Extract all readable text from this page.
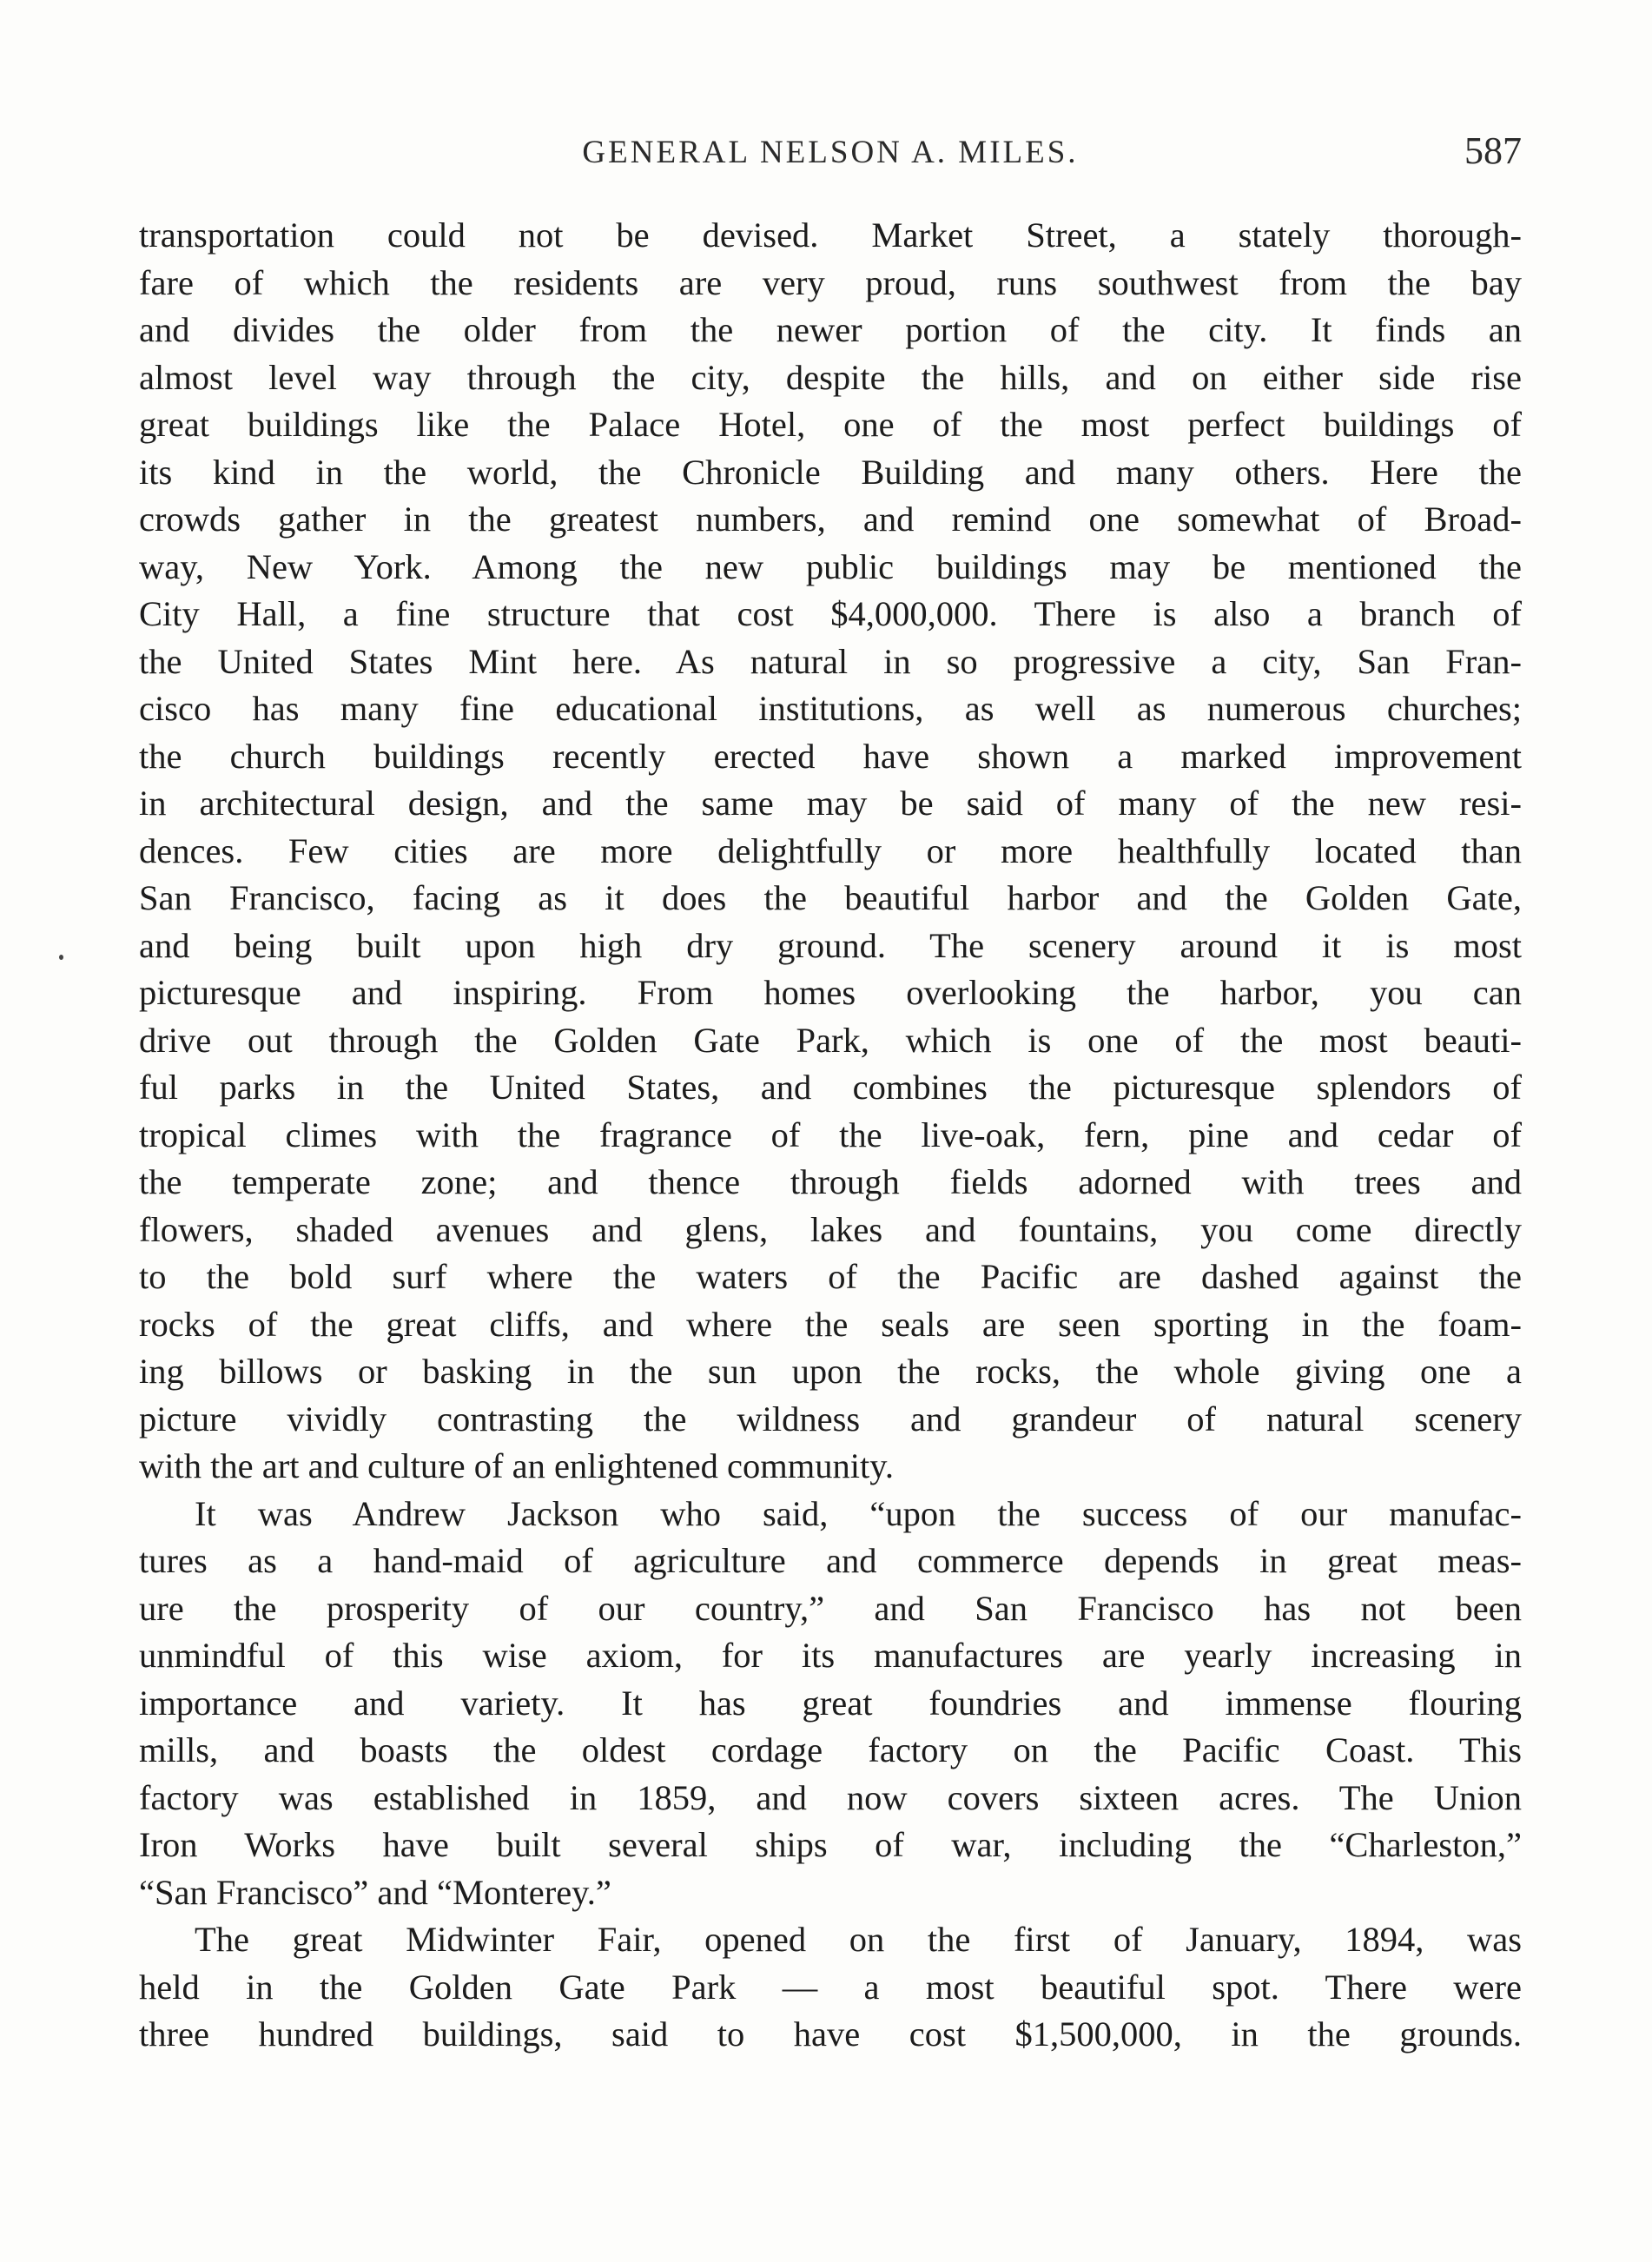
GENERAL NELSON A. MILES.	587
transportation could not be devised. Market Street, a stately thorough-
fare of which the residents are very proud, runs southwest from the bay
and divides the older from the newer portion of the city. It finds an
almost level way through the city, despite the hills, and on either side rise
great buildings like the Palace Hotel, one of the most perfect buildings of
its kind in the world, the Chronicle Building and many others. Here the
crowds gather in the greatest numbers, and remind one somewhat of Broad-
way, New York. Among the new public buildings may be mentioned the
City Hall, a fine structure that cost $4,000,000. There is also a branch of
the United States Mint here. As natural in so progressive a city, San Fran-
cisco has many fine educational institutions, as well as numerous churches;
the church buildings recently erected have shown a marked improvement
in architectural design, and the same may be said of many of the new resi-
dences. Few cities are more delightfully or more healthfully located than
San Francisco, facing as it does the beautiful harbor and the Golden Gate,
and being built upon high dry ground. The scenery around it is most
picturesque and inspiring. From homes overlooking the harbor, you can
drive out through the Golden Gate Park, which is one of the most beauti-
ful parks in the United States, and combines the picturesque splendors of
tropical climes with the fragrance of the live-oak, fern, pine and cedar of
the temperate zone; and thence through fields adorned with trees and
flowers, shaded avenues and glens, lakes and fountains, you come directly
to the bold surf where the waters of the Pacific are dashed against the
rocks of the great cliffs, and where the seals are seen sporting in the foam-
ing billows or basking in the sun upon the rocks, the whole giving one a
picture vividly contrasting the wildness and grandeur of natural scenery
with the art and culture of an enlightened community.
It was Andrew Jackson who said, “upon the success of our manufac-
tures as a hand-maid of agriculture and commerce depends in great meas-
ure the prosperity of our country,” and San Francisco has not been
unmindful of this wise axiom, for its manufactures are yearly increasing in
importance and variety. It has great foundries and immense flouring
mills, and boasts the oldest cordage factory on the Pacific Coast. This
factory was established in 1859, and now covers sixteen acres. The Union
Iron Works have built several ships of war, including the “Charleston,”
“San Francisco” and “Monterey.”
The great Midwinter Fair, opened on the first of January, 1894, was
held in the Golden Gate Park — a most beautiful spot. There were
three hundred buildings, said to have cost $1,500,000, in the grounds.
